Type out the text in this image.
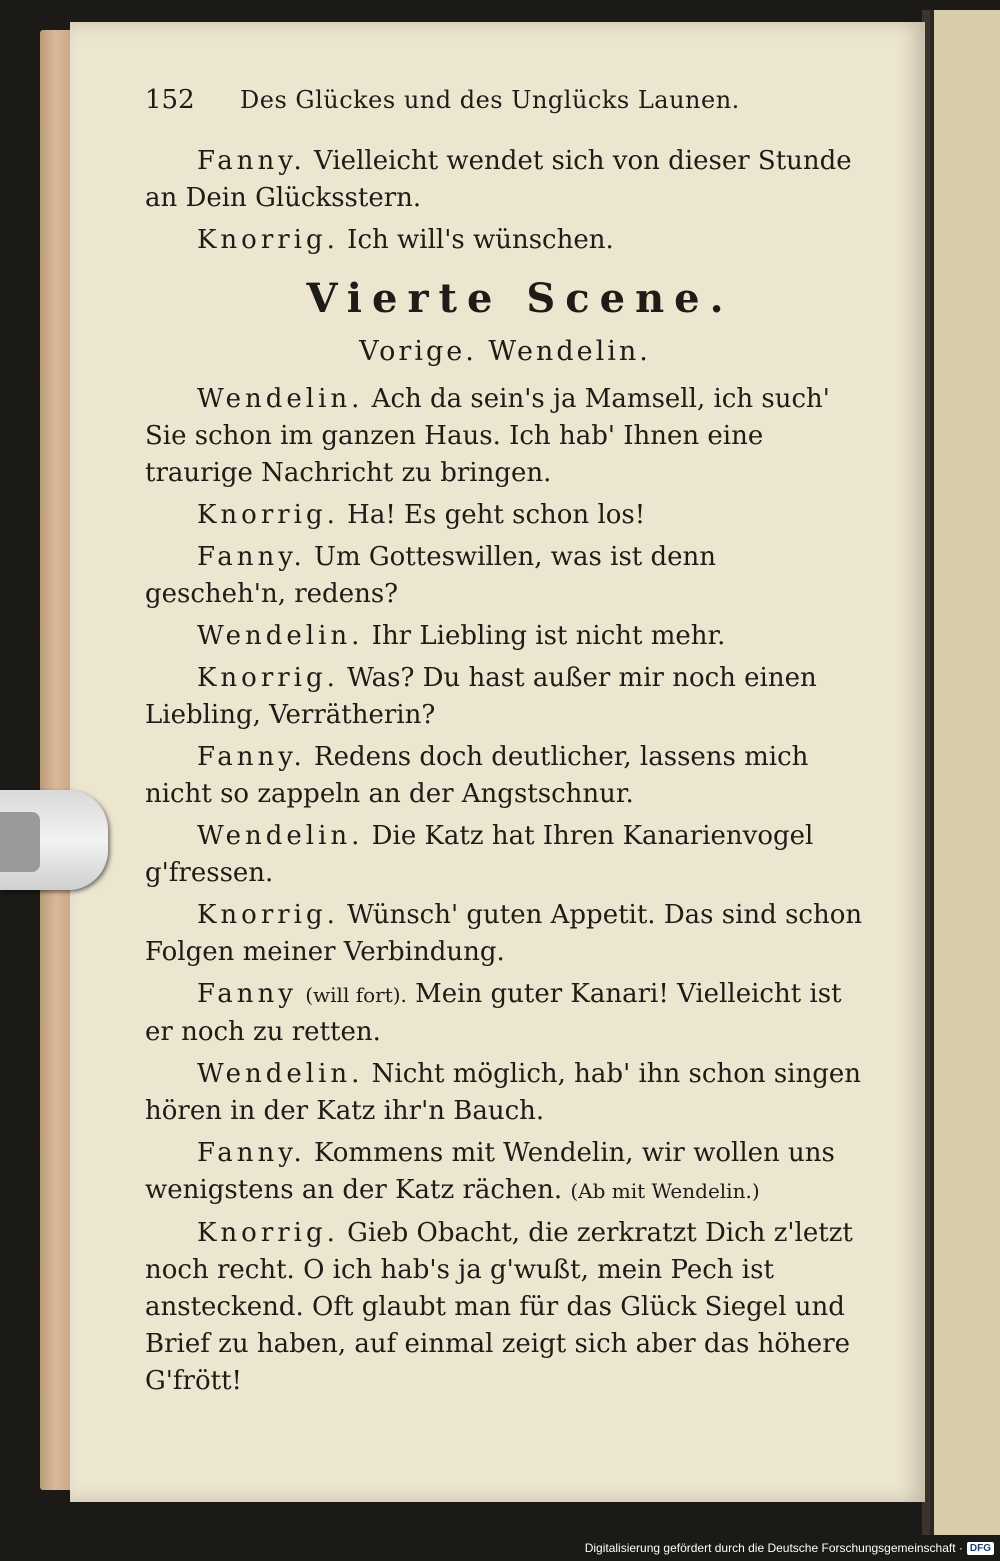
152	Des Glückes und des Unglücks Launen.

Fanny. Vielleicht wendet sich von dieser Stunde an Dein Glücksstern.

Knorrig. Ich will's wünschen.

Vierte Scene.
Vorige. Wendelin.

Wendelin. Ach da sein's ja Mamsell, ich such' Sie schon im ganzen Haus. Ich hab' Ihnen eine traurige Nachricht zu bringen.

Knorrig. Ha! Es geht schon los!

Fanny. Um Gotteswillen, was ist denn gescheh'n, redens?

Wendelin. Ihr Liebling ist nicht mehr.

Knorrig. Was? Du hast außer mir noch einen Liebling, Verrätherin?

Fanny. Redens doch deutlicher, lassens mich nicht so zappeln an der Angstschnur.

Wendelin. Die Katz hat Ihren Kanarienvogel g'fressen.

Knorrig. Wünsch' guten Appetit. Das sind schon Folgen meiner Verbindung.

Fanny (will fort). Mein guter Kanari! Vielleicht ist er noch zu retten.

Wendelin. Nicht möglich, hab' ihn schon singen hören in der Katz ihr'n Bauch.

Fanny. Kommens mit Wendelin, wir wollen uns wenigstens an der Katz rächen. (Ab mit Wendelin.)

Knorrig. Gieb Obacht, die zerkratzt Dich z'letzt noch recht. O ich hab's ja g'wußt, mein Pech ist ansteckend. Oft glaubt man für das Glück Siegel und Brief zu haben, auf einmal zeigt sich aber das höhere G'frött!

Digitalisierung gefördert durch die Deutsche Forschungsgemeinschaft · DFG
